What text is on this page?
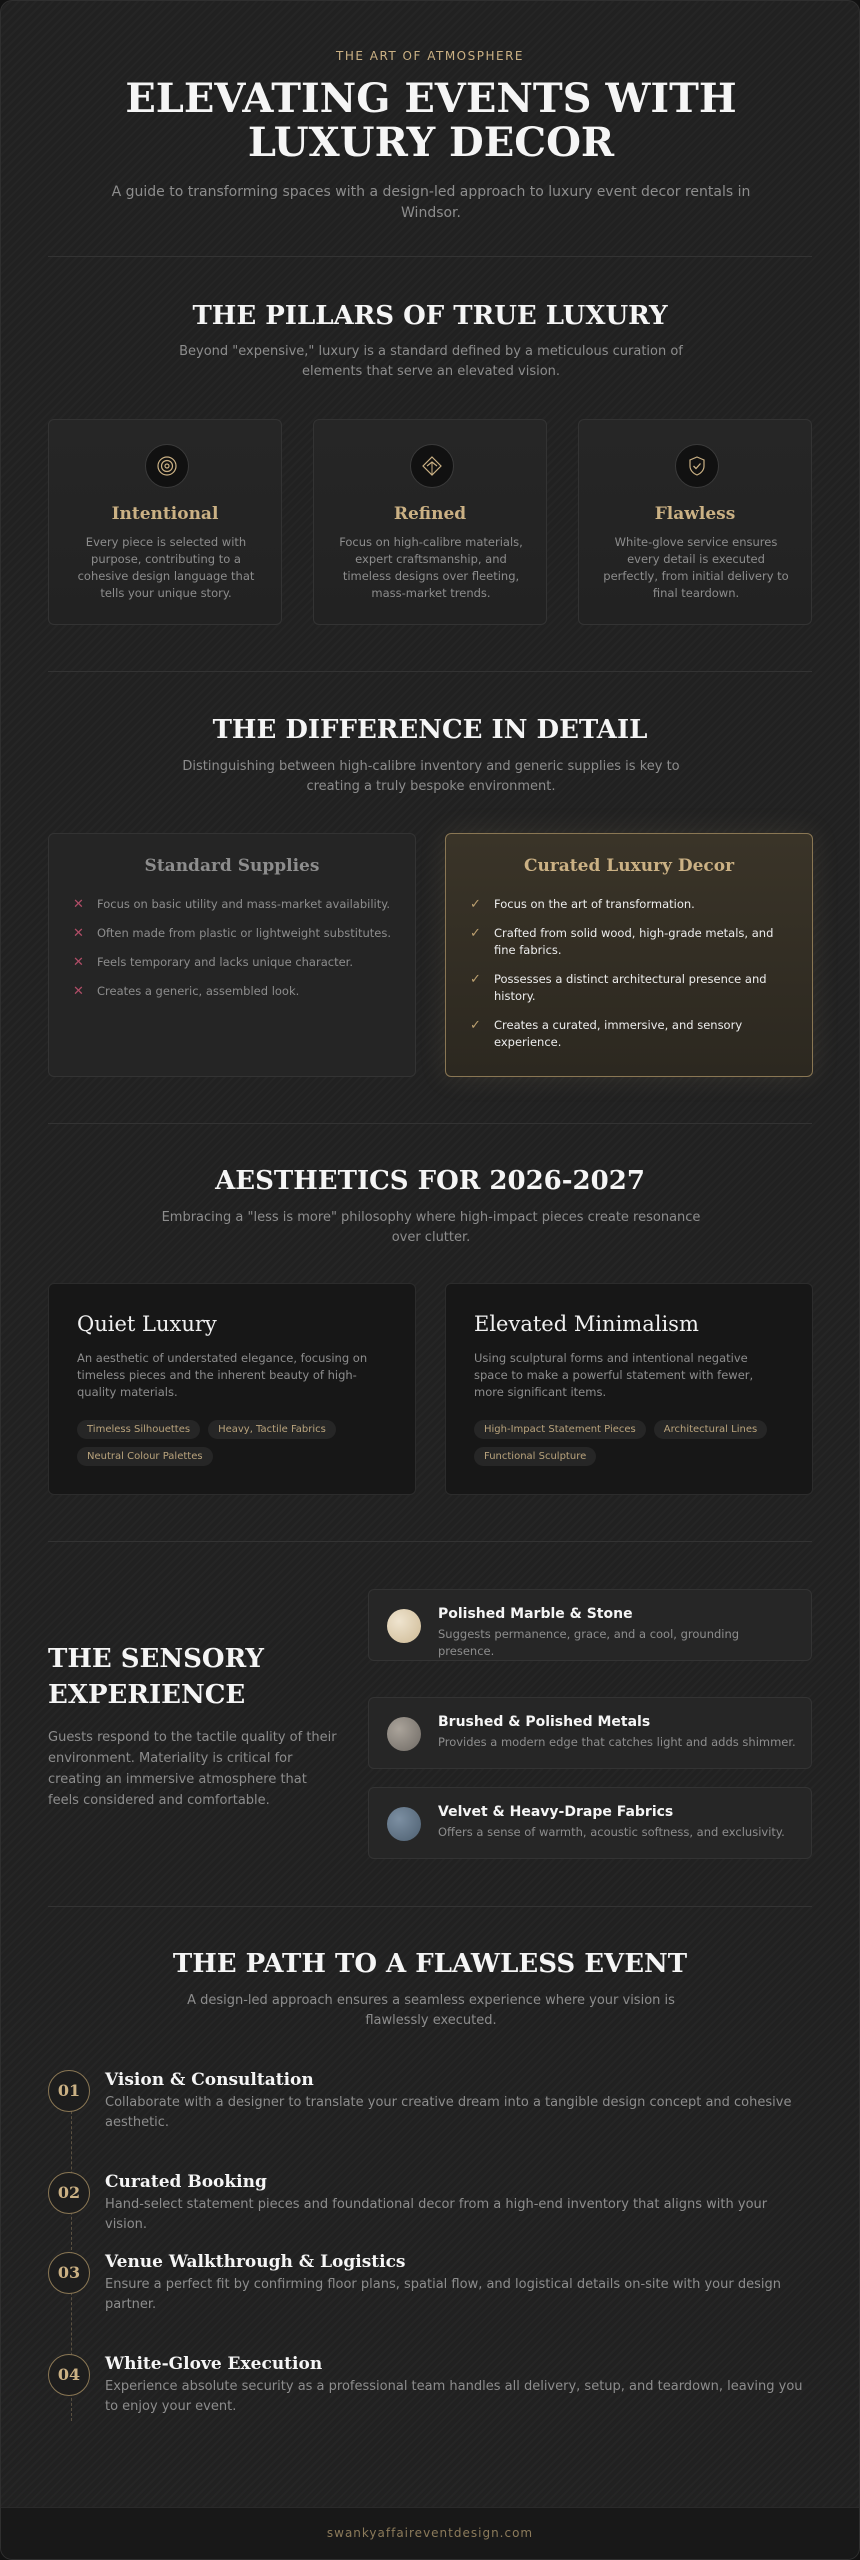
THE ART OF ATMOSPHERE
ELEVATING EVENTS WITH LUXURY DECOR

A guide to transforming spaces with a design-led approach to luxury event decor rentals in Windsor.

THE PILLARS OF TRUE LUXURY

Beyond "expensive," luxury is a standard defined by a meticulous curation of elements that serve an elevated vision.

Intentional
Every piece is selected with purpose, contributing to a cohesive design language that tells your unique story.
Refined
Focus on high-calibre materials, expert craftsmanship, and timeless designs over fleeting, mass-market trends.
Flawless
White-glove service ensures every detail is executed perfectly, from initial delivery to final teardown.
THE DIFFERENCE IN DETAIL

Distinguishing between high-calibre inventory and generic supplies is key to creating a truly bespoke environment.

Standard Supplies
✕ Focus on basic utility and mass-market availability.
✕ Often made from plastic or lightweight substitutes.
✕ Feels temporary and lacks unique character.
✕ Creates a generic, assembled look.
Curated Luxury Decor
✓ Focus on the art of transformation.
✓ Crafted from solid wood, high-grade metals, and fine fabrics.
✓ Possesses a distinct architectural presence and history.
✓ Creates a curated, immersive, and sensory experience.
AESTHETICS FOR 2026-2027

Embracing a "less is more" philosophy where high-impact pieces create resonance over clutter.

Quiet Luxury
An aesthetic of understated elegance, focusing on timeless pieces and the inherent beauty of high-quality materials.
Timeless Silhouettes	Heavy, Tactile Fabrics
Neutral Colour Palettes
Elevated Minimalism
Using sculptural forms and intentional negative space to make a powerful statement with fewer, more significant items.
High-Impact Statement Pieces	Architectural Lines
Functional Sculpture
THE SENSORY EXPERIENCE

Guests respond to the tactile quality of their environment. Materiality is critical for creating an immersive atmosphere that feels considered and comfortable.

Polished Marble & Stone
Suggests permanence, grace, and a cool, grounding presence.
Brushed & Polished Metals
Provides a modern edge that catches light and adds shimmer.
Velvet & Heavy-Drape Fabrics
Offers a sense of warmth, acoustic softness, and exclusivity.
THE PATH TO A FLAWLESS EVENT

A design-led approach ensures a seamless experience where your vision is flawlessly executed.

01
Vision & Consultation
Collaborate with a designer to translate your creative dream into a tangible design concept and cohesive aesthetic.
02
Curated Booking
Hand-select statement pieces and foundational decor from a high-end inventory that aligns with your vision.
03
Venue Walkthrough & Logistics
Ensure a perfect fit by confirming floor plans, spatial flow, and logistical details on-site with your design partner.
04
White-Glove Execution
Experience absolute security as a professional team handles all delivery, setup, and teardown, leaving you to enjoy your event.
swankyaffaireventdesign.com
